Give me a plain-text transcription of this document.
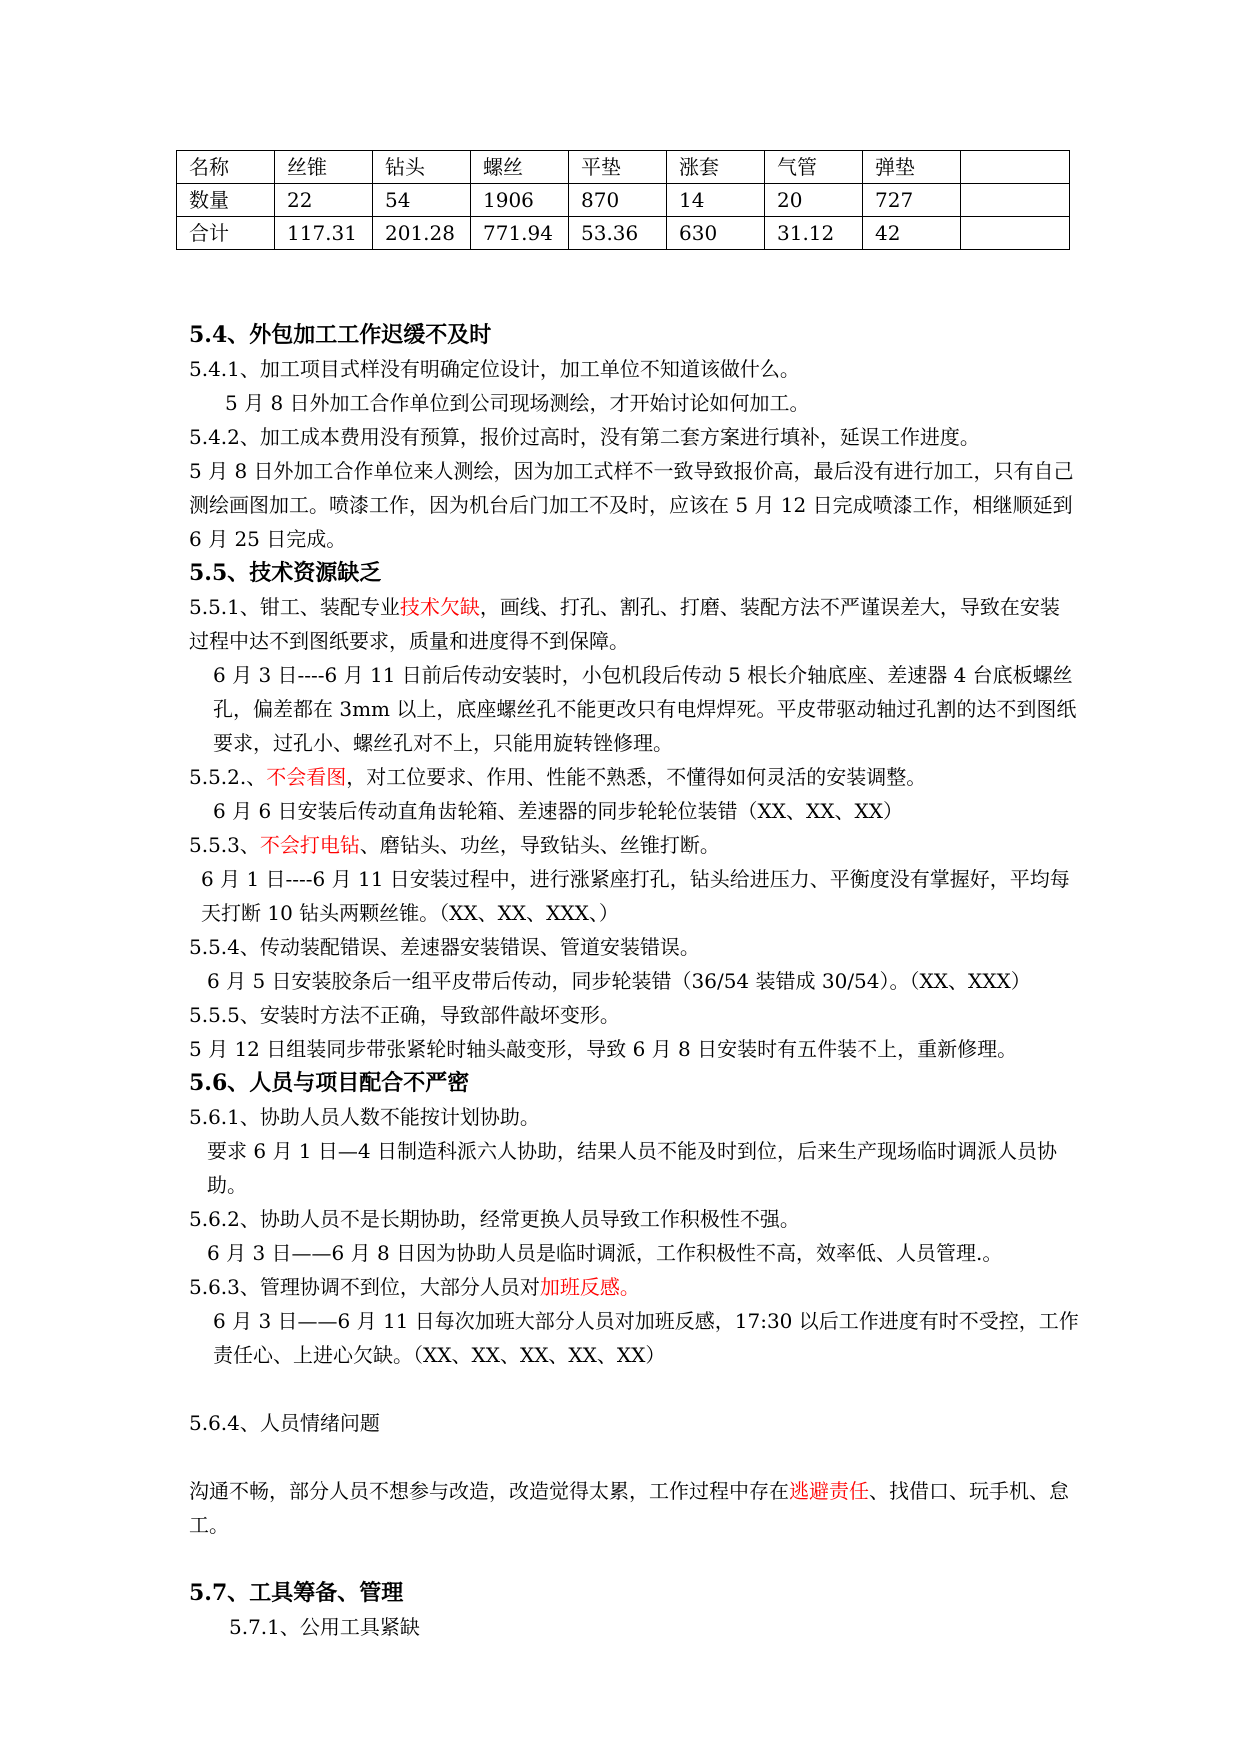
名称	丝锥	钻头	螺丝	平垫	涨套	气管	弹垫	
数量	22	54	1906	870	14	20	727	
合计	117.31	201.28	771.94	53.36	630	31.12	42	
5.4、外包加工工作迟缓不及时
5.4.1、加工项目式样没有明确定位设计，加工单位不知道该做什么。
5 月 8 日外加工合作单位到公司现场测绘，才开始讨论如何加工。
5.4.2、加工成本费用没有预算，报价过高时，没有第二套方案进行填补，延误工作进度。
5 月 8 日外加工合作单位来人测绘，因为加工式样不一致导致报价高，最后没有进行加工，只有自己测绘画图加工。喷漆工作，因为机台后门加工不及时，应该在 5 月 12 日完成喷漆工作，相继顺延到 6 月 25 日完成。
5.5、技术资源缺乏
5.5.1、钳工、装配专业技术欠缺，画线、打孔、割孔、打磨、装配方法不严谨误差大，导致在安装过程中达不到图纸要求，质量和进度得不到保障。
6 月 3 日----6 月 11 日前后传动安装时，小包机段后传动 5 根长介轴底座、差速器 4 台底板螺丝孔，偏差都在 3mm 以上，底座螺丝孔不能更改只有电焊焊死。平皮带驱动轴过孔割的达不到图纸要求，过孔小、螺丝孔对不上，只能用旋转锉修理。
5.5.2.、不会看图，对工位要求、作用、性能不熟悉，不懂得如何灵活的安装调整。
6 月 6 日安装后传动直角齿轮箱、差速器的同步轮轮位装错（XX、XX、XX）
5.5.3、不会打电钻、磨钻头、功丝，导致钻头、丝锥打断。
6 月 1 日----6 月 11 日安装过程中，进行涨紧座打孔，钻头给进压力、平衡度没有掌握好，平均每天打断 10 钻头两颗丝锥。（XX、XX、XXX、）
5.5.4、传动装配错误、差速器安装错误、管道安装错误。
6 月 5 日安装胶条后一组平皮带后传动，同步轮装错（36/54 装错成 30/54）。（XX、XXX）
5.5.5、安装时方法不正确，导致部件敲坏变形。
5 月 12 日组装同步带张紧轮时轴头敲变形，导致 6 月 8 日安装时有五件装不上，重新修理。
5.6、人员与项目配合不严密
5.6.1、协助人员人数不能按计划协助。
要求 6 月 1 日—4 日制造科派六人协助，结果人员不能及时到位，后来生产现场临时调派人员协助。
5.6.2、协助人员不是长期协助，经常更换人员导致工作积极性不强。
6 月 3 日——6 月 8 日因为协助人员是临时调派，工作积极性不高，效率低、人员管理.。
5.6.3、管理协调不到位，大部分人员对加班反感。
6 月 3 日——6 月 11 日每次加班大部分人员对加班反感，17:30 以后工作进度有时不受控，工作责任心、上进心欠缺。（XX、XX、XX、XX、XX）
5.6.4、人员情绪问题
沟通不畅，部分人员不想参与改造，改造觉得太累，工作过程中存在逃避责任、找借口、玩手机、怠工。
5.7、工具筹备、管理
5.7.1、公用工具紧缺
